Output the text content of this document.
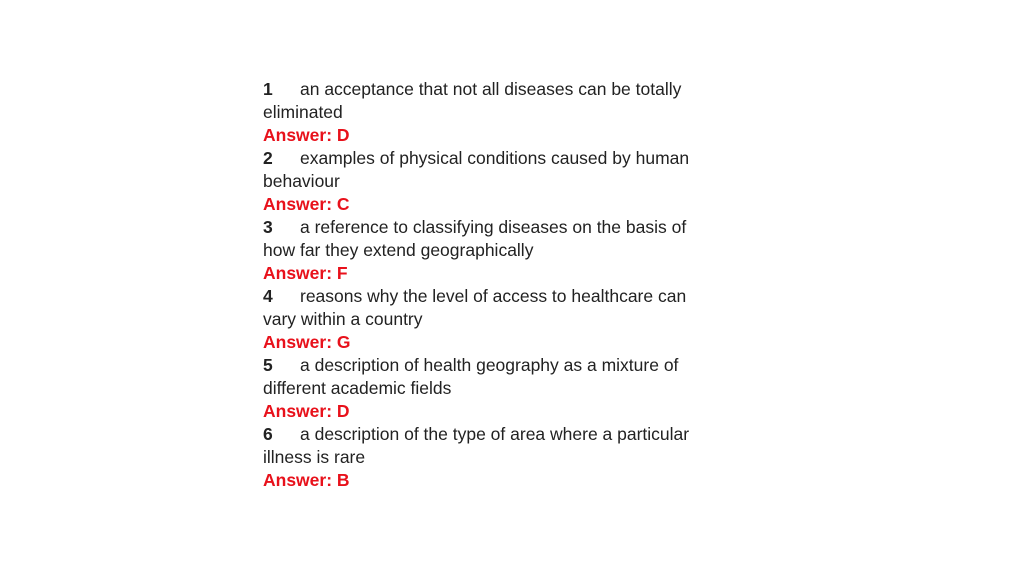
1	an acceptance that not all diseases can be totally
eliminated
Answer: D
2	examples of physical conditions caused by human
behaviour
Answer: C
3	a reference to classifying diseases on the basis of
how far they extend geographically
Answer: F
4	reasons why the level of access to healthcare can
vary within a country
Answer: G
5	a description of health geography as a mixture of
different academic fields
Answer: D
6	a description of the type of area where a particular
illness is rare
Answer: B
